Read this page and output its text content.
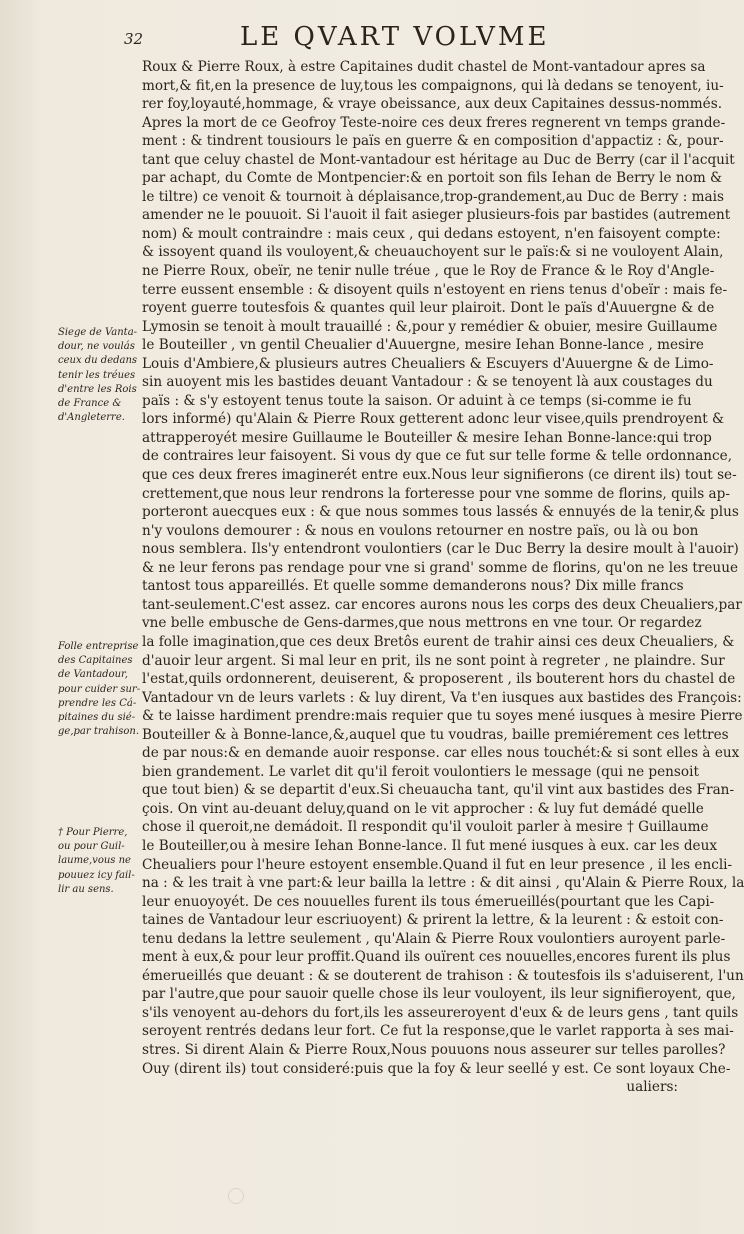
32	LE QVART VOLVME
Roux & Pierre Roux, à estre Capitaines dudit chastel de Mont-vantadour apres sa
mort,& fit,en la presence de luy,tous les compaignons, qui là dedans se tenoyent, iu-
rer foy,loyauté,hommage, & vraye obeissance, aux deux Capitaines dessus-nommés.
Apres la mort de ce Geofroy Teste-noire ces deux freres regnerent vn temps grande-
ment : & tindrent tousiours le païs en guerre & en composition d'appactiz : &, pour-
tant que celuy chastel de Mont-vantadour est héritage au Duc de Berry (car il l'acquit
par achapt, du Comte de Montpencier:& en portoit son fils Iehan de Berry le nom &
le tiltre) ce venoit & tournoit à déplaisance,trop-grandement,au Duc de Berry : mais
amender ne le pouuoit. Si l'auoit il fait asieger plusieurs-fois par bastides (autrement
nom) & moult contraindre : mais ceux , qui dedans estoyent, n'en faisoyent compte:
& issoyent quand ils vouloyent,& cheuauchoyent sur le païs:& si ne vouloyent Alain,
ne Pierre Roux, obeïr, ne tenir nulle tréue , que le Roy de France & le Roy d'Angle-
terre eussent ensemble : & disoyent quils n'estoyent en riens tenus d'obeïr : mais fe-
royent guerre toutesfois & quantes quil leur plairoit. Dont le païs d'Auuergne & de
Lymosin se tenoit à moult trauaillé : &,pour y remédier & obuier, mesire Guillaume
le Bouteiller , vn gentil Cheualier d'Auuergne, mesire Iehan Bonne-lance , mesire
Louis d'Ambiere,& plusieurs autres Cheualiers & Escuyers d'Auuergne & de Limo-
sin auoyent mis les bastides deuant Vantadour : & se tenoyent là aux coustages du
païs : & s'y estoyent tenus toute la saison. Or aduint à ce temps (si-comme ie fu
lors informé) qu'Alain & Pierre Roux getterent adonc leur visee,quils prendroyent &
attrapperoyét mesire Guillaume le Bouteiller & mesire Iehan Bonne-lance:qui trop
de contraires leur faisoyent. Si vous dy que ce fut sur telle forme & telle ordonnance,
que ces deux freres imaginerét entre eux.Nous leur signifierons (ce dirent ils) tout se-
crettement,que nous leur rendrons la forteresse pour vne somme de florins, quils ap-
porteront auecques eux : & que nous sommes tous lassés & ennuyés de la tenir,& plus
n'y voulons demourer : & nous en voulons retourner en nostre païs, ou là ou bon
nous semblera. Ils'y entendront voulontiers (car le Duc Berry la desire moult à l'auoir)
& ne leur ferons pas rendage pour vne si grand' somme de florins, qu'on ne les treuue
tantost tous appareillés. Et quelle somme demanderons nous? Dix mille francs
tant-seulement.C'est assez. car encores aurons nous les corps des deux Cheualiers,par
vne belle embusche de Gens-darmes,que nous mettrons en vne tour. Or regardez
la folle imagination,que ces deux Bretôs eurent de trahir ainsi ces deux Cheualiers, &
d'auoir leur argent. Si mal leur en prit, ils ne sont point à regreter , ne plaindre. Sur
l'estat,quils ordonnerent, deuiserent, & proposerent , ils bouterent hors du chastel de
Vantadour vn de leurs varlets : & luy dirent, Va t'en iusques aux bastides des François:
& te laisse hardiment prendre:mais requier que tu soyes mené iusques à mesire Pierre
Bouteiller & à Bonne-lance,&,auquel que tu voudras, baille premiérement ces lettres
de par nous:& en demande auoir response. car elles nous touchét:& si sont elles à eux
bien grandement. Le varlet dit qu'il feroit voulontiers le message (qui ne pensoit
que tout bien) & se departit d'eux.Si cheuaucha tant, qu'il vint aux bastides des Fran-
çois. On vint au-deuant deluy,quand on le vit approcher : & luy fut demádé quelle
chose il queroit,ne demádoit. Il respondit qu'il vouloit parler à mesire † Guillaume
le Bouteiller,ou à mesire Iehan Bonne-lance. Il fut mené iusques à eux. car les deux
Cheualiers pour l'heure estoyent ensemble.Quand il fut en leur presence , il les encli-
na : & les trait à vne part:& leur bailla la lettre : & dit ainsi , qu'Alain & Pierre Roux, la
leur enuoyoyét. De ces nouuelles furent ils tous émerueillés(pourtant que les Capi-
taines de Vantadour leur escriuoyent) & prirent la lettre, & la leurent : & estoit con-
tenu dedans la lettre seulement , qu'Alain & Pierre Roux voulontiers auroyent parle-
ment à eux,& pour leur proffit.Quand ils ouïrent ces nouuelles,encores furent ils plus
émerueillés que deuant : & se douterent de trahison : & toutesfois ils s'aduiserent, l'un
par l'autre,que pour sauoir quelle chose ils leur vouloyent, ils leur signifieroyent, que,
s'ils venoyent au-dehors du fort,ils les asseureroyent d'eux & de leurs gens , tant quils
seroyent rentrés dedans leur fort. Ce fut la response,que le varlet rapporta à ses mai-
stres. Si dirent Alain & Pierre Roux,Nous pouuons nous asseurer sur telles parolles?
Ouy (dirent ils) tout consideré:puis que la foy & leur seellé y est. Ce sont loyaux Che-
ualiers:
Siege de Vanta-
dour, ne voulás
ceux du dedans
tenir les tréues
d'entre les Rois
de France &
d'Angleterre.
Folle entreprise
des Capitaines
de Vantadour,
pour cuider sur-
prendre les Cá-
pitaines du sié-
ge,par trahison.
† Pour Pierre,
ou pour Guil-
laume,vous ne
pouuez icy fail-
lir au sens.
